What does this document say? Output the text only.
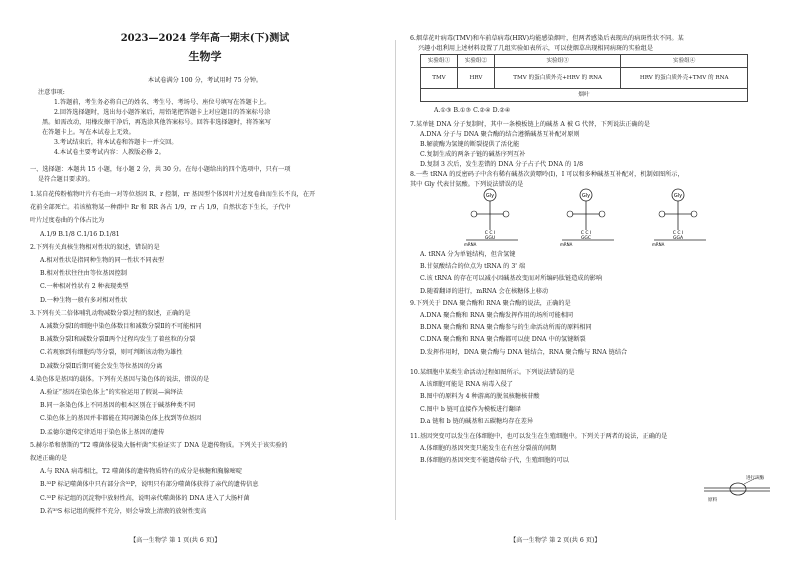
2023—2024 学年高一期末(下)测试
生物学
本试卷满分 100 分，考试用时 75 分钟。
注意事项:
1.答题前，考生务必将自己的姓名、考生号、考场号、座位号填写在答题卡上。
2.回答选择题时，选出每小题答案后，用铅笔把答题卡上对应题目的答案标号涂
黑。如需改动，用橡皮擦干净后，再选涂其他答案标号。回答非选择题时，将答案写
在答题卡上。写在本试卷上无效。
3.考试结束后，将本试卷和答题卡一并交回。
4.本试卷主要考试内容：人教版必修 2。
一、选择题：本题共 15 小题，每小题 2 分，共 30 分。在每小题给出的四个选项中，只有一项
是符合题目要求的。
1.某自花传粉植物叶片有毛由一对等位基因 R、r 控制，rr 基因型个体因叶片过度卷曲而生长不良，在开
花前全部死亡。若该植物某一种群中 Rr 和 RR 各占 1/9，rr 占 1/9，自然状态下生长，子代中
叶片过度卷曲的个体占比为
A.1/9 B.1/8 C.1/16 D.1/81
2.下列有关真核生物相对性状的叙述，错误的是
A.相对性状是指同种生物的同一性状不同表型
B.相对性状往往由等位基因控制
C.一种相对性状有 2 种表现类型
D.一种生物一般有多对相对性状
3.下列有关二倍体哺乳动物减数分裂过程的叙述，正确的是
A.减数分裂Ⅰ的细胞中染色体数目和减数分裂Ⅱ的不可能相同
B.减数分裂Ⅰ和减数分裂Ⅱ两个过程均发生了着丝粒的分裂
C.若观察到有细胞均等分裂，则可判断该动物为雄性
D.减数分裂Ⅱ后期可能会发生等位基因的分离
4.染色体是基因的载体。下列有关基因与染色体的说法，错误的是
A.验证“基因在染色体上”的实验运用了假说—演绎法
B.同一条染色体上不同基因的根本区别在于碱基种类不同
C.染色体上的基因并非都能在其同源染色体上找到等位基因
D.孟德尔遗传定律适用于染色体上基因的遗传
5.赫尔希和蔡斯的“T2 噬菌体侵染大肠杆菌”实验证实了 DNA 是遗传物质。下列关于该实验的
叙述正确的是
A.与 RNA 病毒相比，T2 噬菌体的遗传物质特有的成分是核糖和胸腺嘧啶
B.³²P 标记噬菌体中只有部分含³²P，说明只有部分噬菌体获得了亲代的遗传信息
C.³²P 标记组的沉淀物中放射性高，说明亲代噬菌体的 DNA 进入了大肠杆菌
D.若³⁵S 标记组的搅拌不充分，则会导致上清液的放射性变高
【高一生物学 第 1 页(共 6 页)】
6.烟草花叶病毒(TMV)和车前草病毒(HRV)均能感染烟叶，但两者感染后表现出的病斑性状不同。某
兴趣小组利用上述材料设置了几组实验如表所示，可以使烟草出现相同病斑的实验组是
实验组①	实验组②	实验组③	实验组④
TMV	HRV	TMV 的蛋白质外壳+HRV 的 RNA	HRV 的蛋白质外壳+TMV 的 RNA
烟叶			
A.①③ B.①③ C.②④ D.②④
7.某单链 DNA 分子复制时，其中一条模板链上的碱基 A 被 G 代替，下列说法正确的是
A.DNA 分子与 DNA 聚合酶的结合遵循碱基互补配对原则
B.解旋酶为氢键的断裂提供了活化能
C.复制生成的两条子链的碱基序列互补
D.复制 3 次后，发生差错的 DNA 分子占子代 DNA 的 1/8
8.一些 tRNA 的反密码子中含有稀有碱基次黄嘌呤(I)，I 可以和多种碱基互补配对，机制如图所示，
其中 Gly 代表甘氨酸。下列说法错误的是
Gly
C C I
GGU
mRNA
Gly
C C I
GGC
mRNA
Gly
C C I
GGA
mRNA
A. tRNA 分为单链结构，但含氢键
B.甘氨酸结合的位点为 tRNA 的 3' 端
C.该 tRNA 的存在可以减小因碱基改变而对所编码肽链造成的影响
D.随着翻译的进行，mRNA 会在核糖体上移动
9.下列关于 DNA 聚合酶和 RNA 聚合酶的说法，正确的是
A.DNA 聚合酶和 RNA 聚合酶发挥作用的场所可能相同
B.DNA 聚合酶和 RNA 聚合酶参与的生命活动所需的原料相同
C.DNA 聚合酶和 RNA 聚合酶都可以使 DNA 中的氢键断裂
D.发挥作用时，DNA 聚合酶与 DNA 链结合，RNA 聚合酶与 RNA 链结合
10.某细胞中某类生命活动过程如图所示。下列说法错误的是
A.该细胞可能是 RNA 病毒入侵了
B.图中的原料为 4 种游离的脱氧核糖核苷酸
C.图中 b 链可直接作为模板进行翻译
D.a 链和 b 链的碱基和五碳糖均存在差异
11.基因突变可以发生在体细胞中，也可以发生在生殖细胞中。下列关于两者的说法，正确的是
A.体细胞的基因突变只能发生在有丝分裂前的间期
B.体细胞的基因突变不能遗传给子代，生殖细胞的可以
进行该酶
原料
【高一生物学 第 2 页(共 6 页)】
